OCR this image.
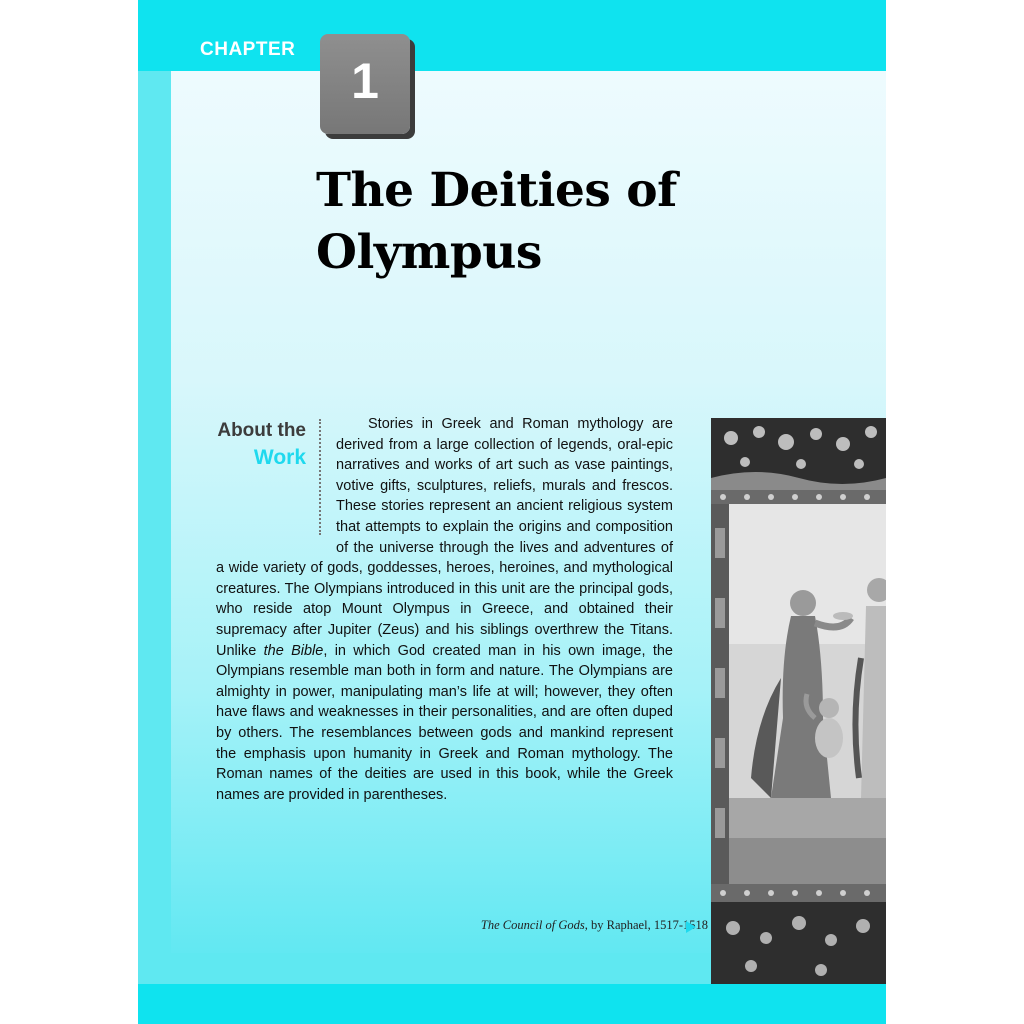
CHAPTER
1
The Deities of Olympus
About the
Work

Stories in Greek and Roman mythology are derived from a large collection of legends, oral-epic narratives and works of art such as vase paintings, votive gifts, sculptures, reliefs, murals and frescos. These stories represent an ancient religious system that attempts to explain the origins and composition of the universe through the lives and adventures of a wide variety of gods, goddesses, heroes, heroines, and mythological creatures. The Olympians introduced in this unit are the principal gods, who reside atop Mount Olympus in Greece, and obtained their supremacy after Jupiter (Zeus) and his siblings overthrew the Titans. Unlike the Bible, in which God created man in his own image, the Olympians resemble man both in form and nature. The Olympians are almighty in power, manipulating man’s life at will; however, they often have flaws and weaknesses in their personalities, and are often duped by others. The resemblances between gods and mankind represent the emphasis upon humanity in Greek and Roman mythology. The Roman names of the deities are used in this book, while the Greek names are provided in parentheses.

The Council of Gods, by Raphael, 1517-1518
